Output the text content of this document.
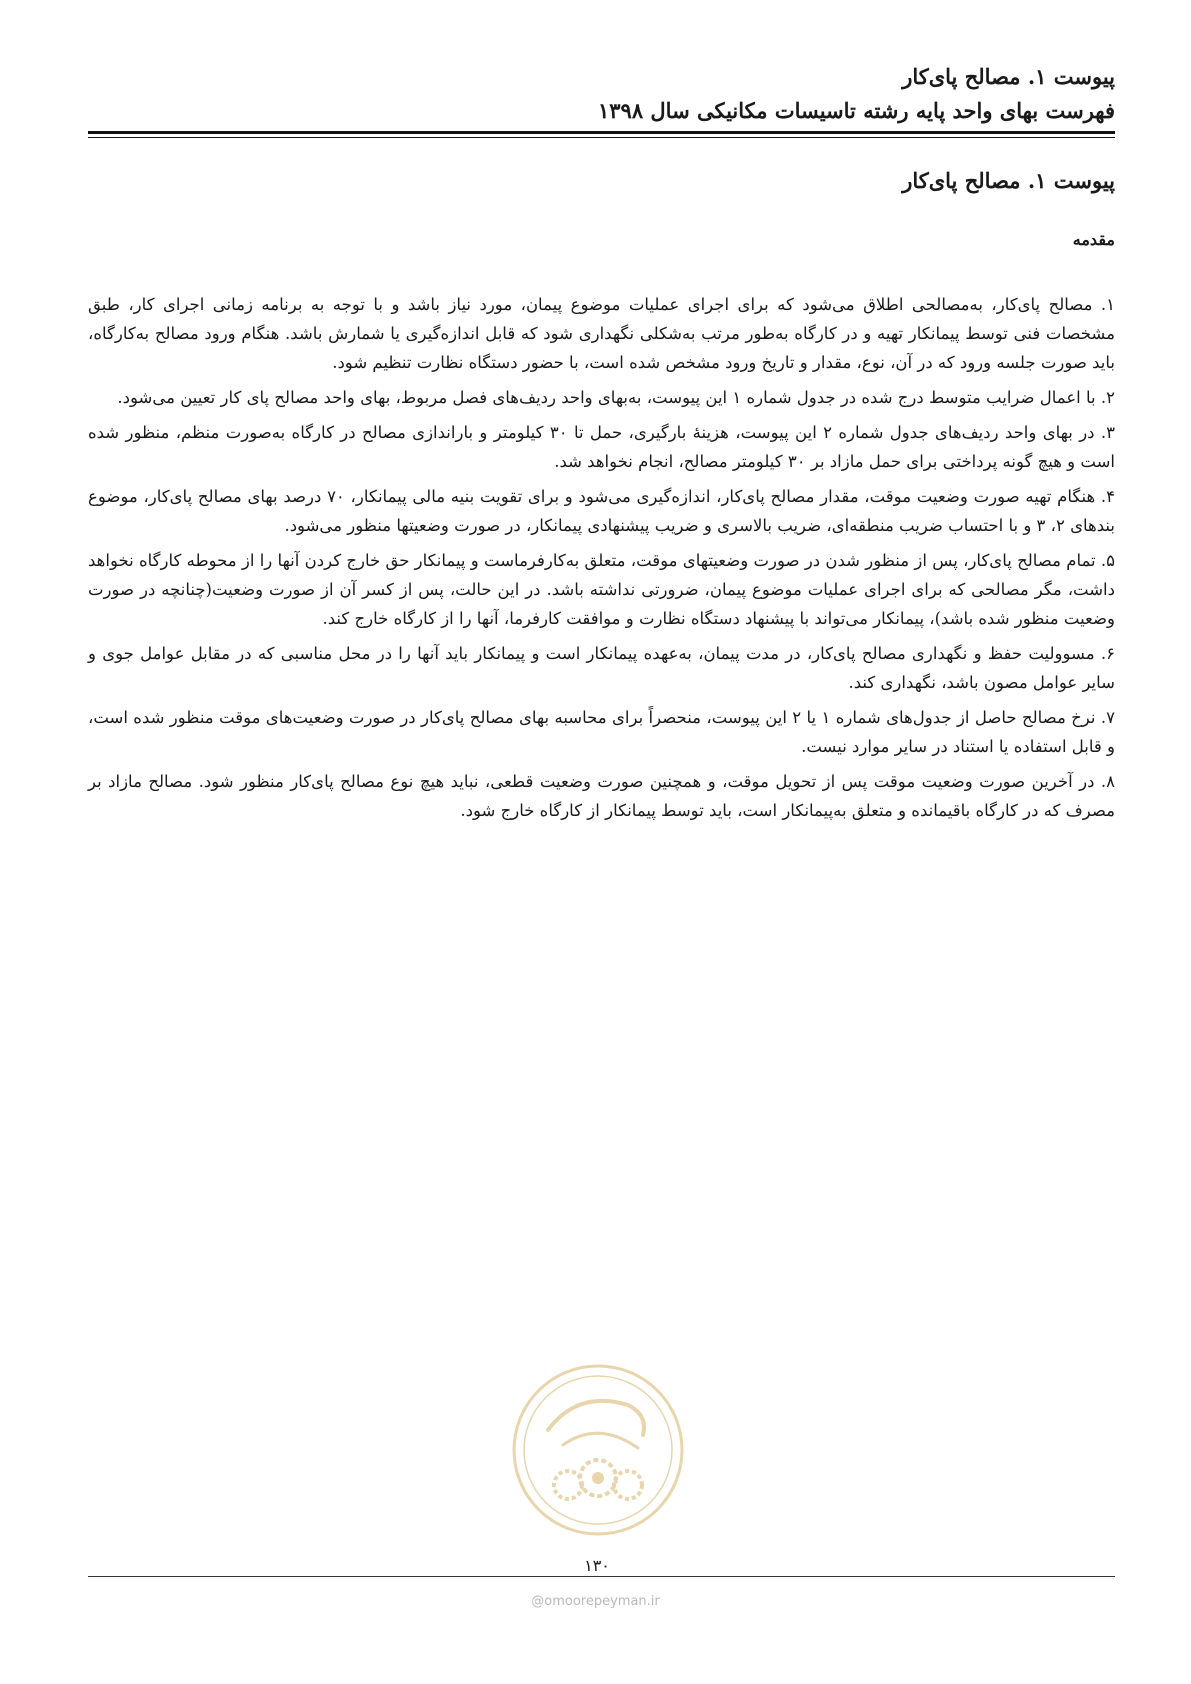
پیوست ۱. مصالح پای‌کار
فهرست بهای واحد پایه رشته تاسیسات مکانیکی سال ۱۳۹۸
پیوست ۱. مصالح پای‌کار
مقدمه

۱. مصالح پای‌کار، به‌مصالحی اطلاق می‌شود که برای اجرای عملیات موضوع پیمان، مورد نیاز باشد و با توجه به برنامه زمانی اجرای کار، طبق مشخصات فنی توسط پیمانکار تهیه و در کارگاه به‌طور مرتب به‌شکلی نگهداری شود که قابل اندازه‌گیری یا شمارش باشد. هنگام ورود مصالح به‌کارگاه، باید صورت جلسه ورود که در آن، نوع، مقدار و تاریخ ورود مشخص شده است، با حضور دستگاه نظارت تنظیم شود.

۲. با اعمال ضرایب متوسط درج شده در جدول شماره ۱ این پیوست، به‌بهای واحد ردیف‌های فصل مربوط، بهای واحد مصالح پای کار تعیین می‌شود.

۳. در بهای واحد ردیف‌های جدول شماره ۲ این پیوست، هزینهٔ بارگیری، حمل تا ۳۰ کیلومتر و باراندازی مصالح در کارگاه به‌صورت منظم، منظور شده است و هیچ گونه پرداختی برای حمل مازاد بر ۳۰ کیلومتر مصالح، انجام نخواهد شد.

۴. هنگام تهیه صورت وضعیت موقت، مقدار مصالح پای‌کار، اندازه‌گیری می‌شود و برای تقویت بنیه مالی پیمانکار، ۷۰ درصد بهای مصالح پای‌کار، موضوع بندهای ۲، ۳ و با احتساب ضریب منطقه‌ای، ضریب بالاسری و ضریب پیشنهادی پیمانکار، در صورت وضعیتها منظور می‌شود.

۵. تمام مصالح پای‌کار، پس از منظور شدن در صورت وضعیتهای موقت، متعلق به‌کارفرماست و پیمانکار حق خارج کردن آنها را از محوطه کارگاه نخواهد داشت، مگر مصالحی که برای اجرای عملیات موضوع پیمان، ضرورتی نداشته باشد. در این حالت، پس از کسر آن از صورت وضعیت(چنانچه در صورت وضعیت منظور شده باشد)، پیمانکار می‌تواند با پیشنهاد دستگاه نظارت و موافقت کارفرما، آنها را از کارگاه خارج کند.

۶. مسوولیت حفظ و نگهداری مصالح پای‌کار، در مدت پیمان، به‌عهده پیمانکار است و پیمانکار باید آنها را در محل مناسبی که در مقابل عوامل جوی و سایر عوامل مصون باشد، نگهداری کند.

۷. نرخ مصالح حاصل از جدول‌های شماره ۱ یا ۲ این پیوست، منحصراً برای محاسبه بهای مصالح پای‌کار در صورت وضعیت‌های موقت منظور شده است، و قابل استفاده یا استناد در سایر موارد نیست.

۸. در آخرین صورت وضعیت موقت پس از تحویل موقت، و همچنین صورت وضعیت قطعی، نباید هیچ نوع مصالح پای‌کار منظور شود. مصالح مازاد بر مصرف که در کارگاه باقیمانده و متعلق به‌پیمانکار است، باید توسط پیمانکار از کارگاه خارج شود.

۱۳۰
@omoorepeyman.ir
